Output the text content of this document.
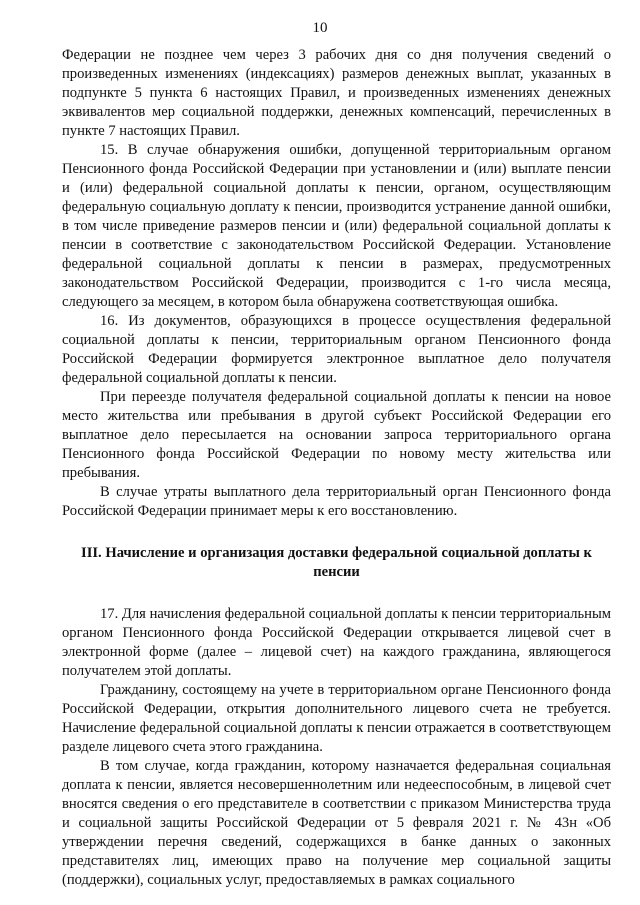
10

Федерации не позднее чем через 3 рабочих дня со дня получения сведений о произведенных изменениях (индексациях) размеров денежных выплат, указанных в подпункте 5 пункта 6 настоящих Правил, и произведенных изменениях денежных эквивалентов мер социальной поддержки, денежных компенсаций, перечисленных в пункте 7 настоящих Правил.

15. В случае обнаружения ошибки, допущенной территориальным органом Пенсионного фонда Российской Федерации при установлении и (или) выплате пенсии и (или) федеральной социальной доплаты к пенсии, органом, осуществляющим федеральную социальную доплату к пенсии, производится устранение данной ошибки, в том числе приведение размеров пенсии и (или) федеральной социальной доплаты к пенсии в соответствие с законодательством Российской Федерации. Установление федеральной социальной доплаты к пенсии в размерах, предусмотренных законодательством Российской Федерации, производится с 1-го числа месяца, следующего за месяцем, в котором была обнаружена соответствующая ошибка.

16. Из документов, образующихся в процессе осуществления федеральной социальной доплаты к пенсии, территориальным органом Пенсионного фонда Российской Федерации формируется электронное выплатное дело получателя федеральной социальной доплаты к пенсии.

При переезде получателя федеральной социальной доплаты к пенсии на новое место жительства или пребывания в другой субъект Российской Федерации его выплатное дело пересылается на основании запроса территориального органа Пенсионного фонда Российской Федерации по новому месту жительства или пребывания.

В случае утраты выплатного дела территориальный орган Пенсионного фонда Российской Федерации принимает меры к его восстановлению.

III. Начисление и организация доставки федеральной социальной доплаты к пенсии

17. Для начисления федеральной социальной доплаты к пенсии территориальным органом Пенсионного фонда Российской Федерации открывается лицевой счет в электронной форме (далее – лицевой счет) на каждого гражданина, являющегося получателем этой доплаты.

Гражданину, состоящему на учете в территориальном органе Пенсионного фонда Российской Федерации, открытия дополнительного лицевого счета не требуется. Начисление федеральной социальной доплаты к пенсии отражается в соответствующем разделе лицевого счета этого гражданина.

В том случае, когда гражданин, которому назначается федеральная социальная доплата к пенсии, является несовершеннолетним или недееспособным, в лицевой счет вносятся сведения о его представителе в соответствии с приказом Министерства труда и социальной защиты Российской Федерации от 5 февраля 2021 г. № 43н «Об утверждении перечня сведений, содержащихся в банке данных о законных представителях лиц, имеющих право на получение мер социальной защиты (поддержки), социальных услуг, предоставляемых в рамках социального
